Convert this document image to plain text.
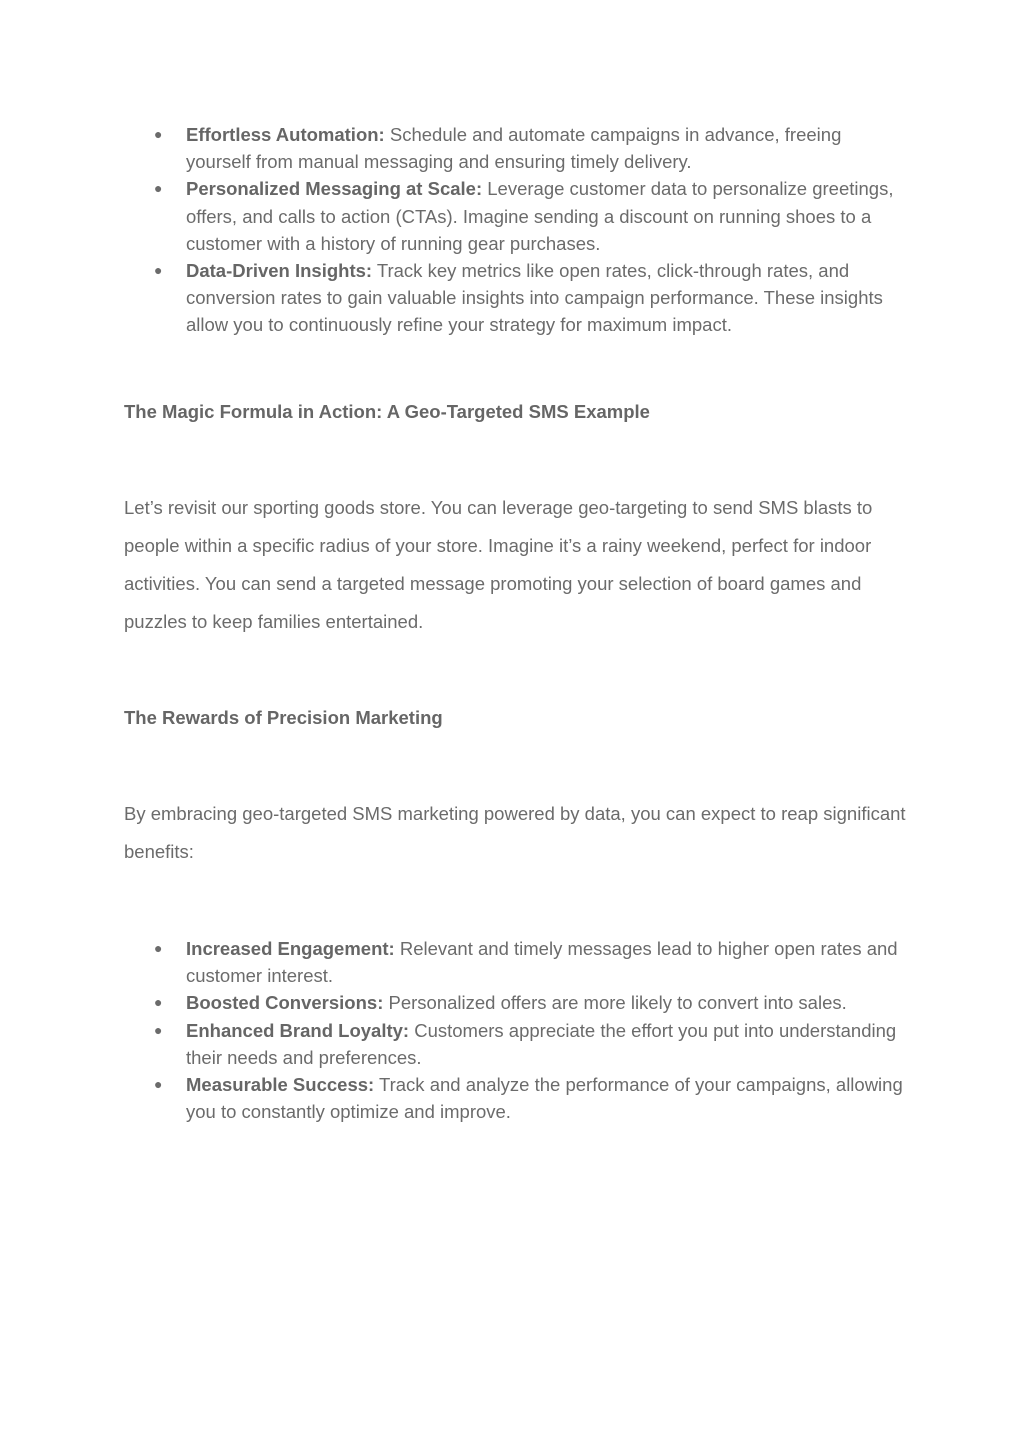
● Effortless Automation: Schedule and automate campaigns in advance, freeing yourself from manual messaging and ensuring timely delivery.
● Personalized Messaging at Scale: Leverage customer data to personalize greetings, offers, and calls to action (CTAs). Imagine sending a discount on running shoes to a customer with a history of running gear purchases.
● Data-Driven Insights: Track key metrics like open rates, click-through rates, and conversion rates to gain valuable insights into campaign performance. These insights allow you to continuously refine your strategy for maximum impact.
The Magic Formula in Action: A Geo-Targeted SMS Example

Let’s revisit our sporting goods store. You can leverage geo-targeting to send SMS blasts to people within a specific radius of your store. Imagine it’s a rainy weekend, perfect for indoor activities. You can send a targeted message promoting your selection of board games and puzzles to keep families entertained.

The Rewards of Precision Marketing

By embracing geo-targeted SMS marketing powered by data, you can expect to reap significant benefits:

● Increased Engagement: Relevant and timely messages lead to higher open rates and customer interest.
● Boosted Conversions: Personalized offers are more likely to convert into sales.
● Enhanced Brand Loyalty: Customers appreciate the effort you put into understanding their needs and preferences.
● Measurable Success: Track and analyze the performance of your campaigns, allowing you to constantly optimize and improve.
